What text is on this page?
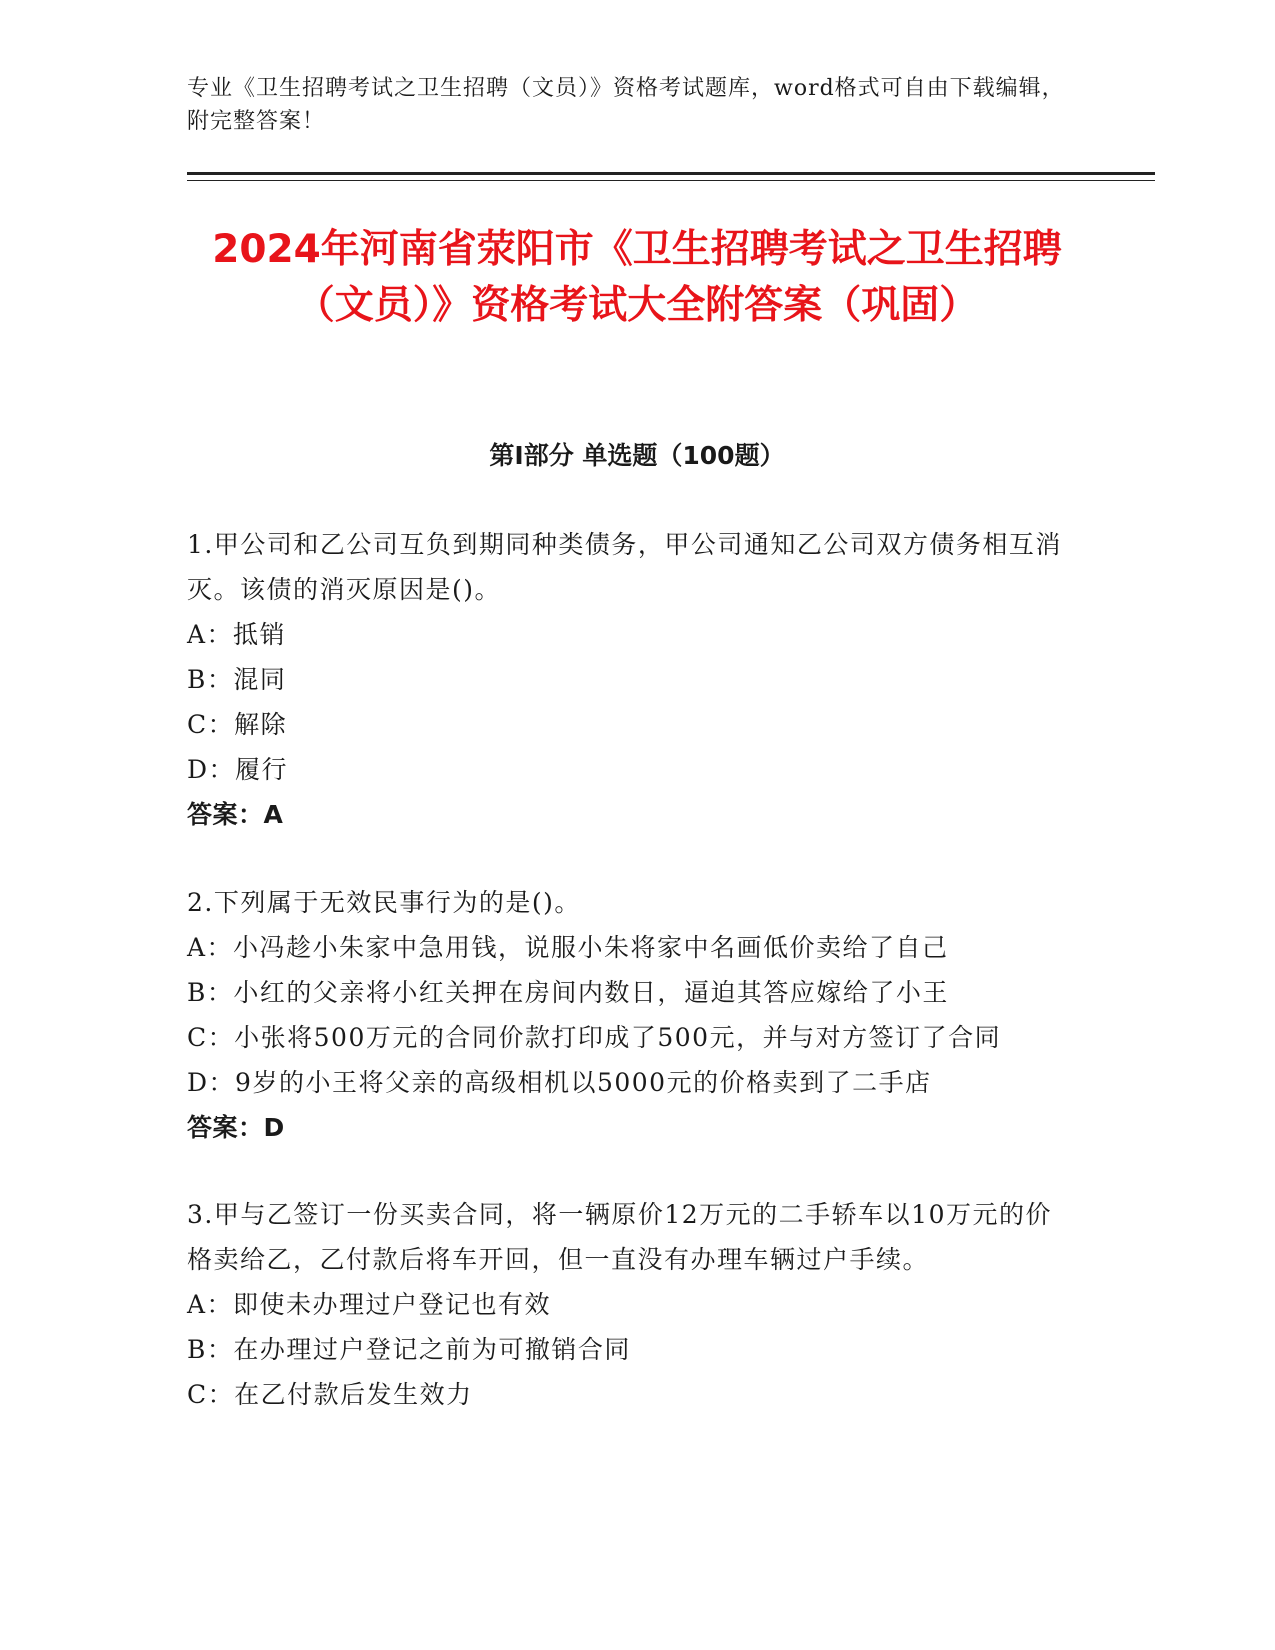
专业《卫生招聘考试之卫生招聘（文员）》资格考试题库，word格式可自由下载编辑，附完整答案！
2024年河南省荥阳市《卫生招聘考试之卫生招聘（文员）》资格考试大全附答案（巩固）
第I部分 单选题（100题）
1.甲公司和乙公司互负到期同种类债务，甲公司通知乙公司双方债务相互消灭。该债的消灭原因是()。
A：抵销
B：混同
C：解除
D：履行
答案：A
2.下列属于无效民事行为的是()。
A：小冯趁小朱家中急用钱，说服小朱将家中名画低价卖给了自己
B：小红的父亲将小红关押在房间内数日，逼迫其答应嫁给了小王
C：小张将500万元的合同价款打印成了500元，并与对方签订了合同
D：9岁的小王将父亲的高级相机以5000元的价格卖到了二手店
答案：D
3.甲与乙签订一份买卖合同，将一辆原价12万元的二手轿车以10万元的价格卖给乙，乙付款后将车开回，但一直没有办理车辆过户手续。
A：即使未办理过户登记也有效
B：在办理过户登记之前为可撤销合同
C：在乙付款后发生效力
